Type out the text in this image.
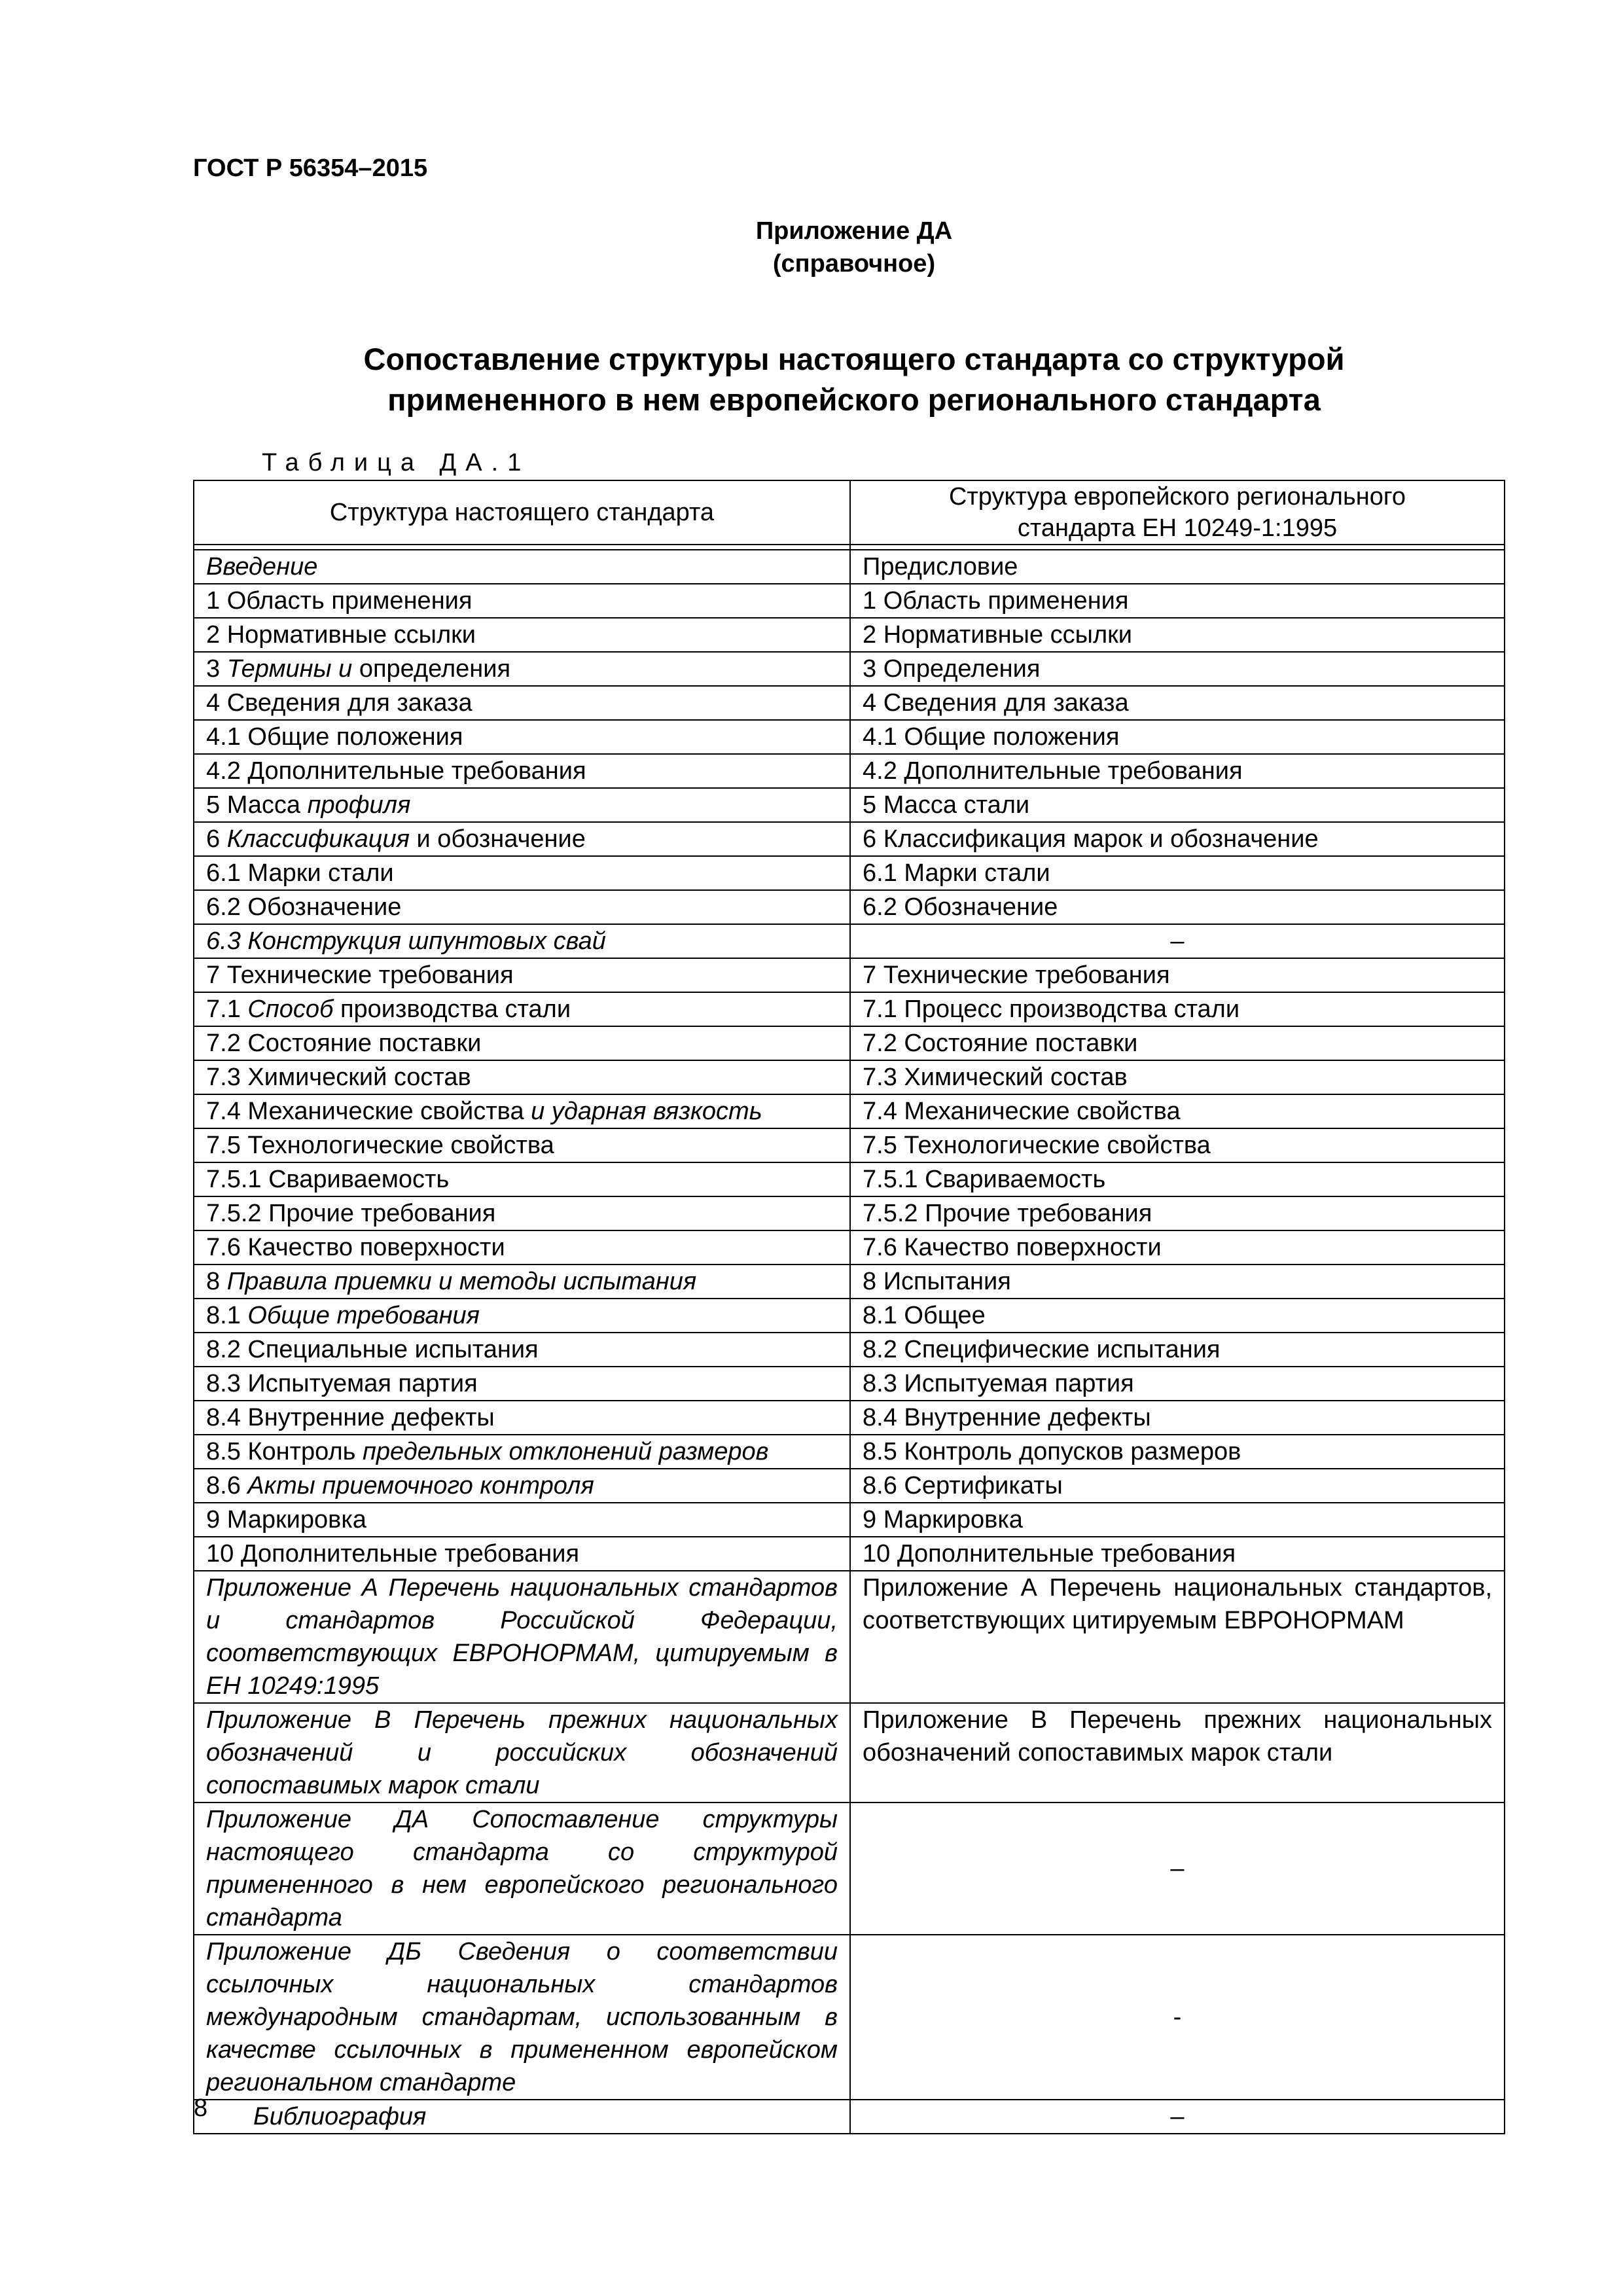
ГОСТ Р 56354–2015
Приложение ДА
(справочное)
Сопоставление структуры настоящего стандарта со структурой
примененного в нем европейского регионального стандарта
Таблица ДА.1
Структура настоящего стандарта	Структура европейского регионального стандарта ЕН 10249-1:1995

Введение	Предисловие
1 Область применения	1 Область применения
2 Нормативные ссылки	2 Нормативные ссылки
3 Термины и определения	3 Определения
4 Сведения для заказа	4 Сведения для заказа
4.1 Общие положения	4.1 Общие положения
4.2 Дополнительные требования	4.2 Дополнительные требования
5 Масса профиля	5 Масса стали
6 Классификация и обозначение	6 Классификация марок и обозначение
6.1 Марки стали	6.1 Марки стали
6.2 Обозначение	6.2 Обозначение
6.3 Конструкция шпунтовых свай	–
7 Технические требования	7 Технические требования
7.1 Способ производства стали	7.1 Процесс производства стали
7.2 Состояние поставки	7.2 Состояние поставки
7.3 Химический состав	7.3 Химический состав
7.4 Механические свойства и ударная вязкость	7.4 Механические свойства
7.5 Технологические свойства	7.5 Технологические свойства
7.5.1 Свариваемость	7.5.1 Свариваемость
7.5.2 Прочие требования	7.5.2 Прочие требования
7.6 Качество поверхности	7.6 Качество поверхности
8 Правила приемки и методы испытания	8 Испытания
8.1 Общие требования	8.1 Общее
8.2 Специальные испытания	8.2 Специфические испытания
8.3 Испытуемая партия	8.3 Испытуемая партия
8.4 Внутренние дефекты	8.4 Внутренние дефекты
8.5 Контроль предельных отклонений размеров	8.5 Контроль допусков размеров
8.6 Акты приемочного контроля	8.6 Сертификаты
9 Маркировка	9 Маркировка
10 Дополнительные требования	10 Дополнительные требования
Приложение А Перечень национальных стандартов и стандартов Российской Федерации, соответствующих ЕВРОНОРМАМ, цитируемым в ЕН 10249:1995	Приложение А Перечень национальных стандартов, соответствующих цитируемым ЕВРОНОРМАМ
Приложение В Перечень прежних национальных обозначений и российских обозначений сопоставимых марок стали	Приложение В Перечень прежних национальных обозначений сопоставимых марок стали
Приложение ДА Сопоставление структуры настоящего стандарта со структурой примененного в нем европейского регионального стандарта	–
Приложение ДБ Сведения о соответствии ссылочных национальных стандартов международным стандартам, использованным в качестве ссылочных в примененном европейском региональном стандарте	-
Библиография	–
8
